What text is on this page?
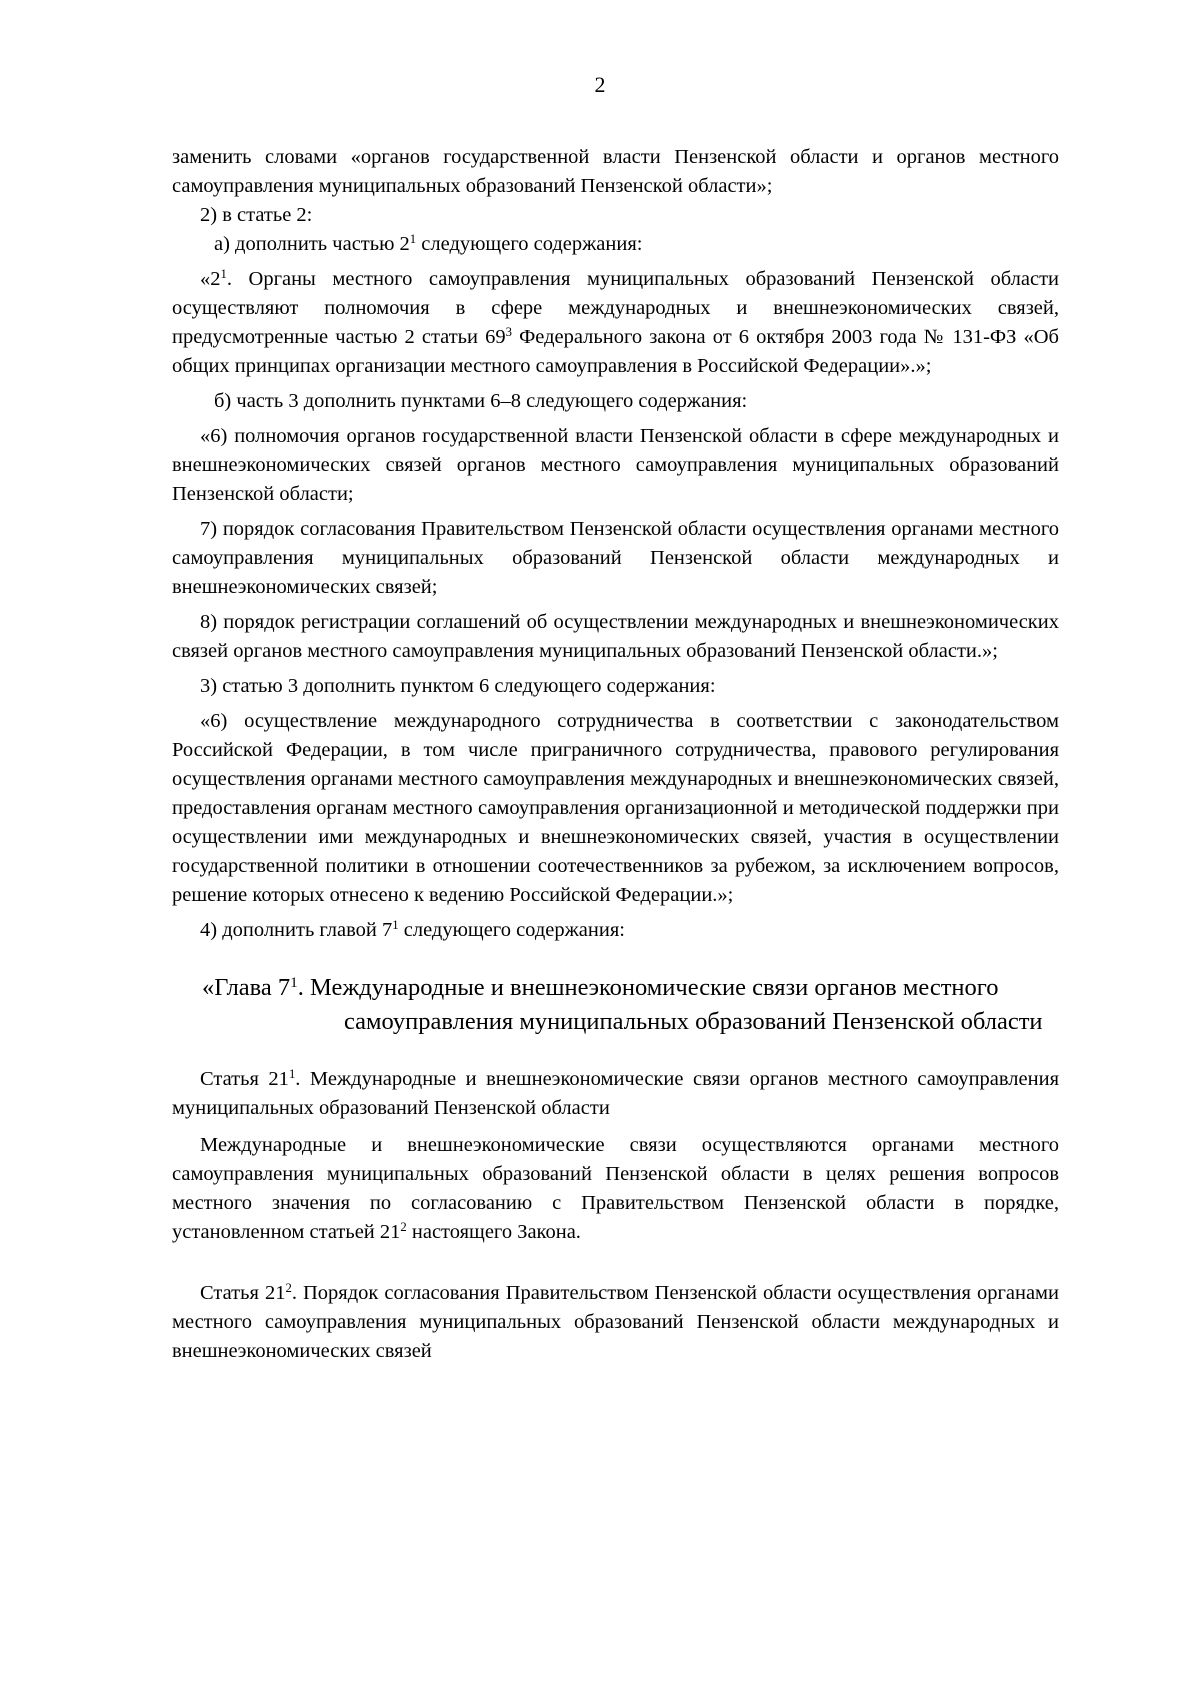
2

заменить словами «органов государственной власти Пензенской области и органов местного самоуправления муниципальных образований Пензенской области»;

2) в статье 2:

а) дополнить частью $2^1$ следующего содержания:

«$2^1$. Органы местного самоуправления муниципальных образований Пензенской области осуществляют полномочия в сфере международных и внешнеэкономических связей, предусмотренные частью 2 статьи $69^3$ Федерального закона от 6 октября 2003 года № 131-ФЗ «Об общих принципах организации местного самоуправления в Российской Федерации».»;

б) часть 3 дополнить пунктами 6–8 следующего содержания:

«6) полномочия органов государственной власти Пензенской области в сфере международных и внешнеэкономических связей органов местного самоуправления муниципальных образований Пензенской области;

7) порядок согласования Правительством Пензенской области осуществления органами местного самоуправления муниципальных образований Пензенской области международных и внешнеэкономических связей;

8) порядок регистрации соглашений об осуществлении международных и внешнеэкономических связей органов местного самоуправления муниципальных образований Пензенской области.»;

3) статью 3 дополнить пунктом 6 следующего содержания:

«6) осуществление международного сотрудничества в соответствии с законодательством Российской Федерации, в том числе приграничного сотрудничества, правового регулирования осуществления органами местного самоуправления международных и внешнеэкономических связей, предоставления органам местного самоуправления организационной и методической поддержки при осуществлении ими международных и внешнеэкономических связей, участия в осуществлении государственной политики в отношении соотечественников за рубежом, за исключением вопросов, решение которых отнесено к ведению Российской Федерации.»;

4) дополнить главой $7^1$ следующего содержания:

«Глава $7^1$. Международные и внешнеэкономические связи органов местного самоуправления муниципальных образований Пензенской области

Статья $21^1$. Международные и внешнеэкономические связи органов местного самоуправления муниципальных образований Пензенской области

Международные и внешнеэкономические связи осуществляются органами местного самоуправления муниципальных образований Пензенской области в целях решения вопросов местного значения по согласованию с Правительством Пензенской области в порядке, установленном статьей $21^2$ настоящего Закона.

Статья $21^2$. Порядок согласования Правительством Пензенской области осуществления органами местного самоуправления муниципальных образований Пензенской области международных и внешнеэкономических связей
